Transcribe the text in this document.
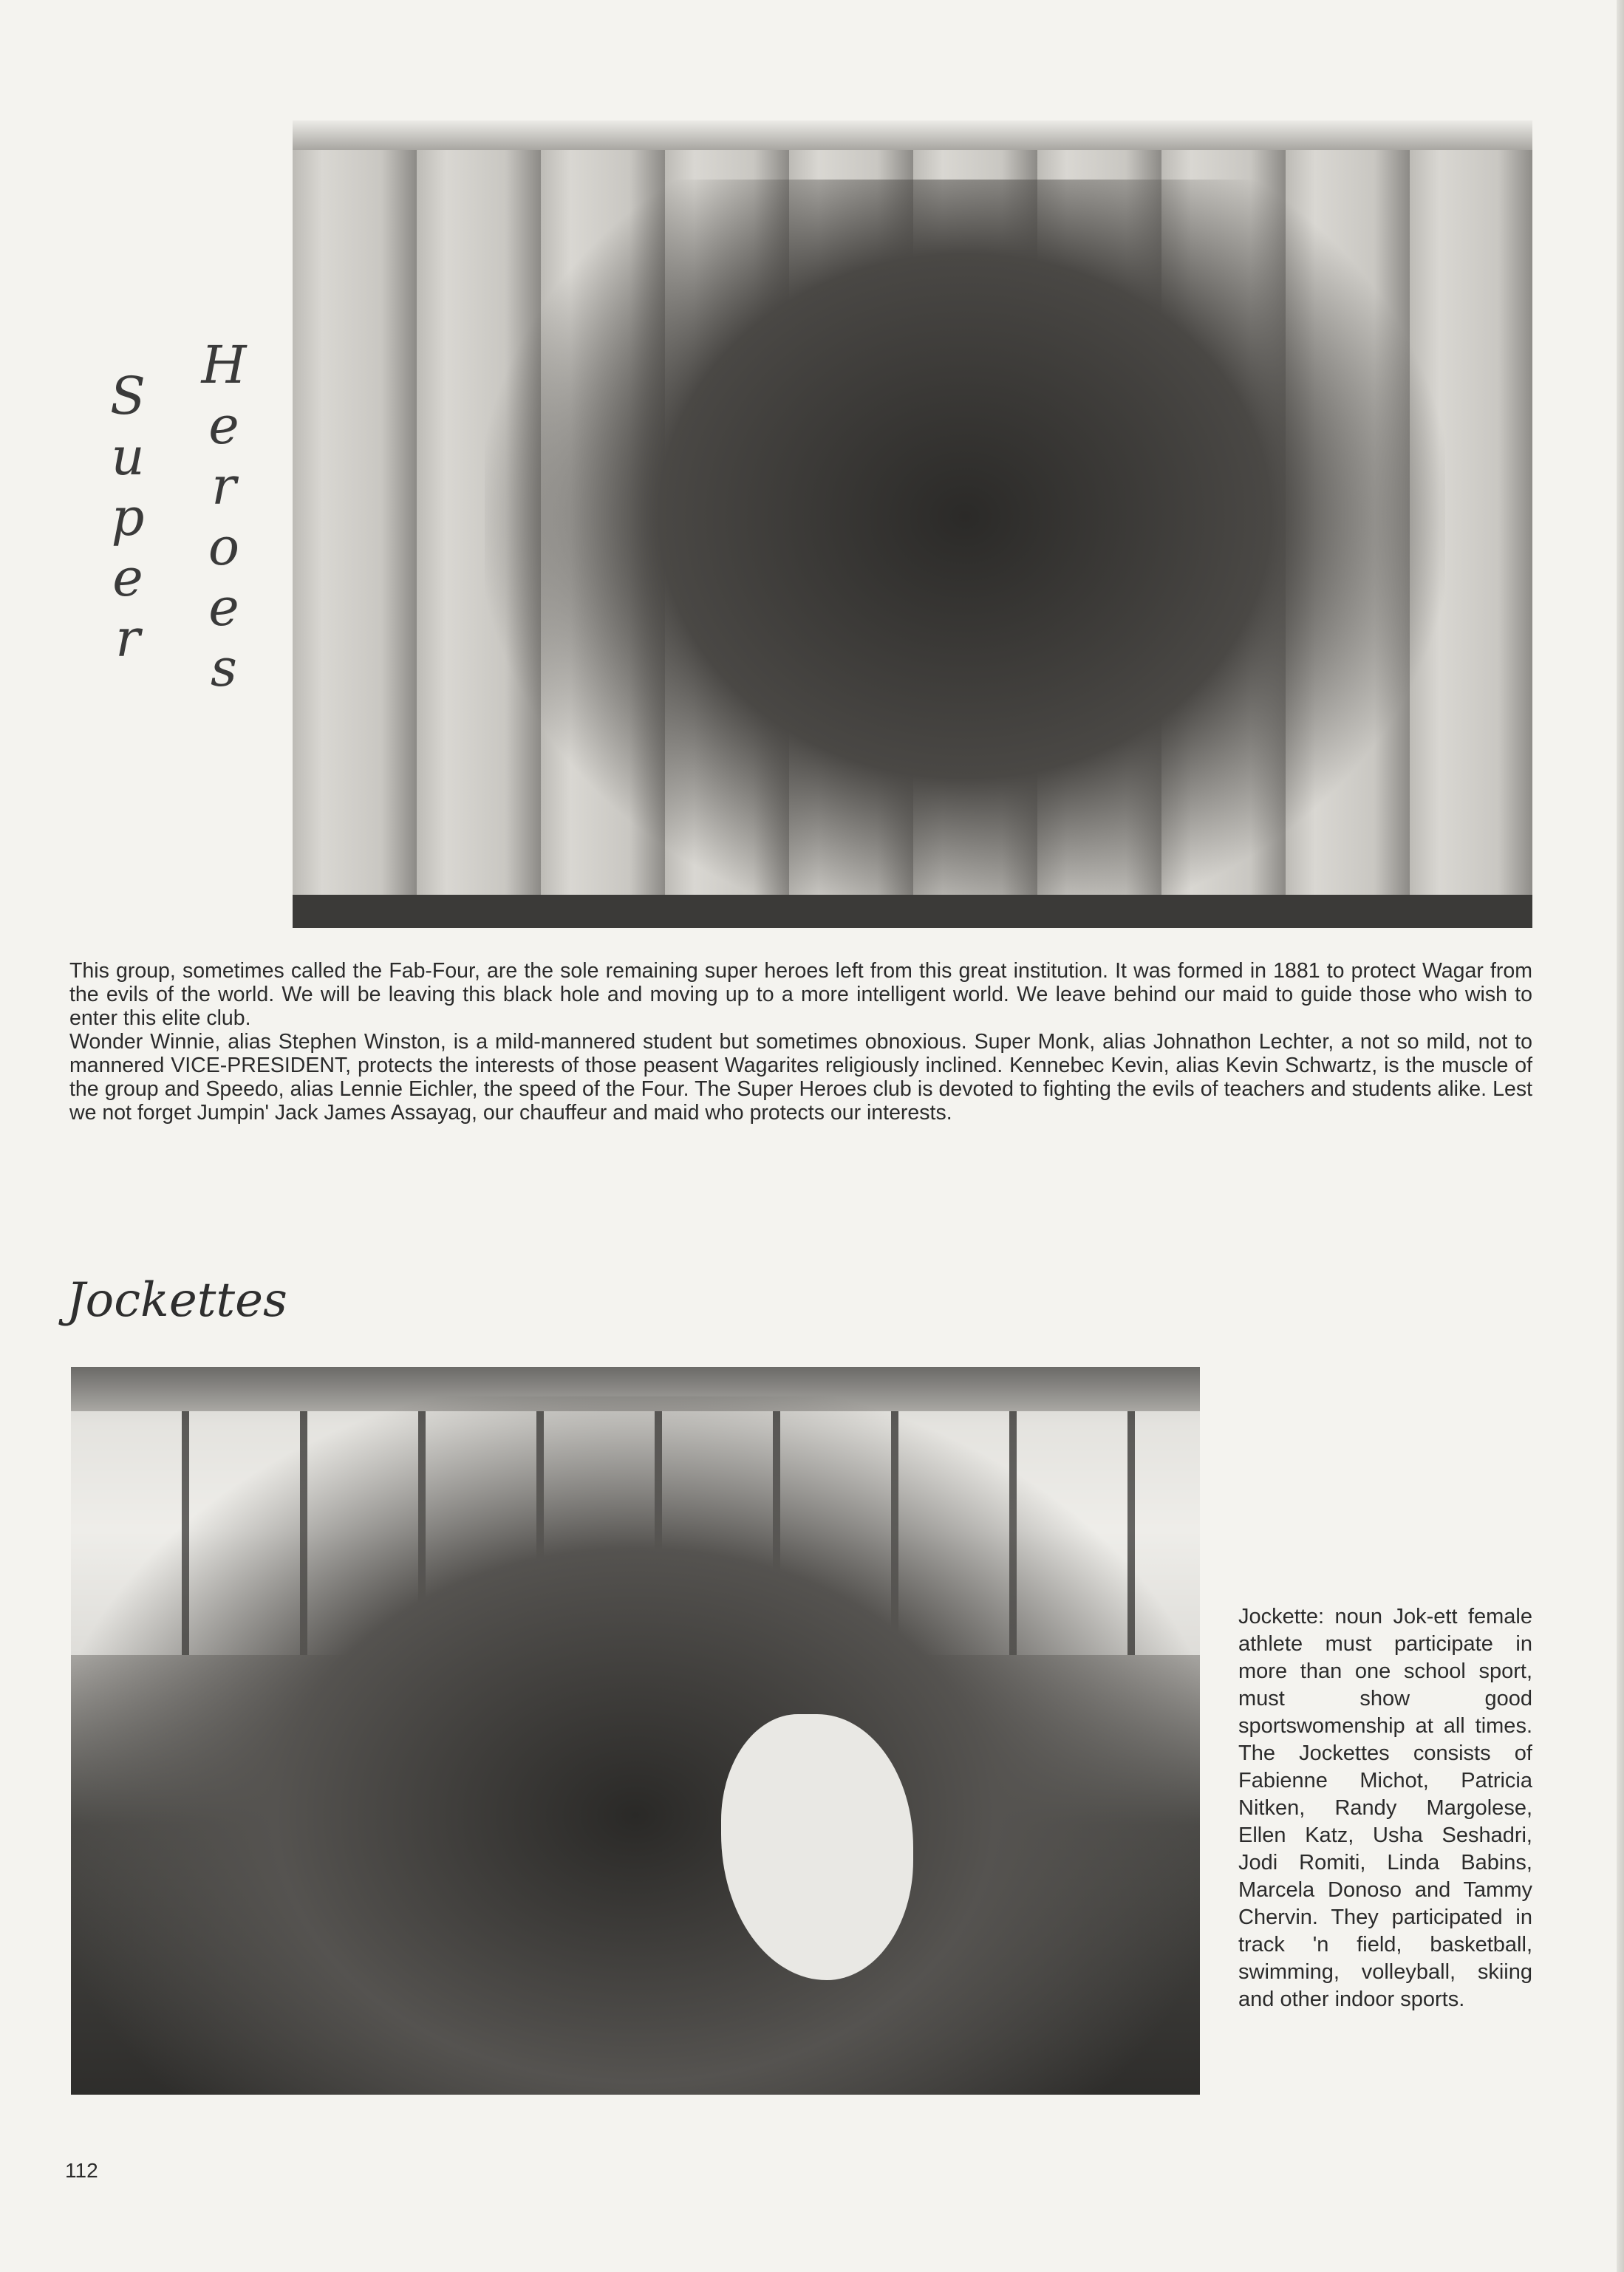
S
u
p
e
r
H
e
r
o
e
s

This group, sometimes called the Fab-Four, are the sole remaining super heroes left from this great institution. It was formed in 1881 to protect Wagar from the evils of the world. We will be leaving this black hole and moving up to a more intelligent world. We leave behind our maid to guide those who wish to enter this elite club.

Wonder Winnie, alias Stephen Winston, is a mild-mannered student but sometimes obnoxious. Super Monk, alias Johnathon Lechter, a not so mild, not to mannered VICE-PRESIDENT, protects the interests of those peasent Wagarites religiously inclined. Kennebec Kevin, alias Kevin Schwartz, is the muscle of the group and Speedo, alias Lennie Eichler, the speed of the Four. The Super Heroes club is devoted to fighting the evils of teachers and students alike. Lest we not forget Jumpin' Jack James Assayag, our chauffeur and maid who protects our interests.

Jockettes

Jockette: noun Jok-ett female athlete must participate in more than one school sport, must show good sportswomenship at all times. The Jockettes consists of Fabienne Michot, Patricia Nitken, Randy Margolese, Ellen Katz, Usha Seshadri, Jodi Romiti, Linda Babins, Marcela Donoso and Tammy Chervin. They participated in track 'n field, basketball, swimming, volleyball, skiing and other indoor sports.

112
